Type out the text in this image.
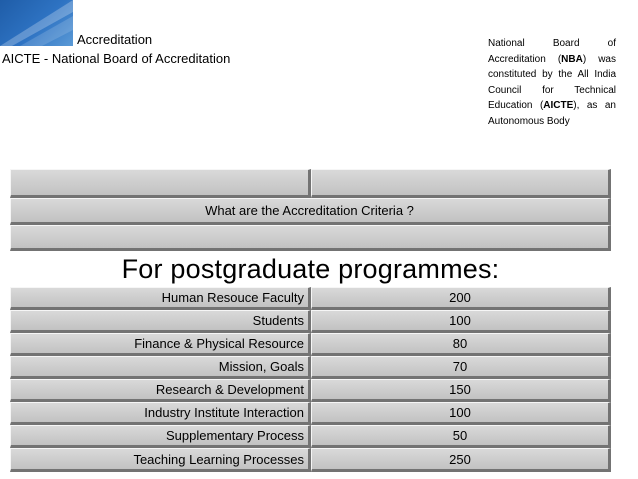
Accreditation
AICTE - National Board of Accreditation
National Board of Accreditation (NBA) was constituted by the All India Council for Technical Education (AICTE), as an Autonomous Body
What are the Accreditation Criteria ?
For postgraduate programmes:
Human Resouce Faculty	200
Students	100
Finance & Physical Resource	80
Mission, Goals	70
Research & Development	150
Industry Institute Interaction	100
Supplementary Process	50
Teaching Learning Processes	250
